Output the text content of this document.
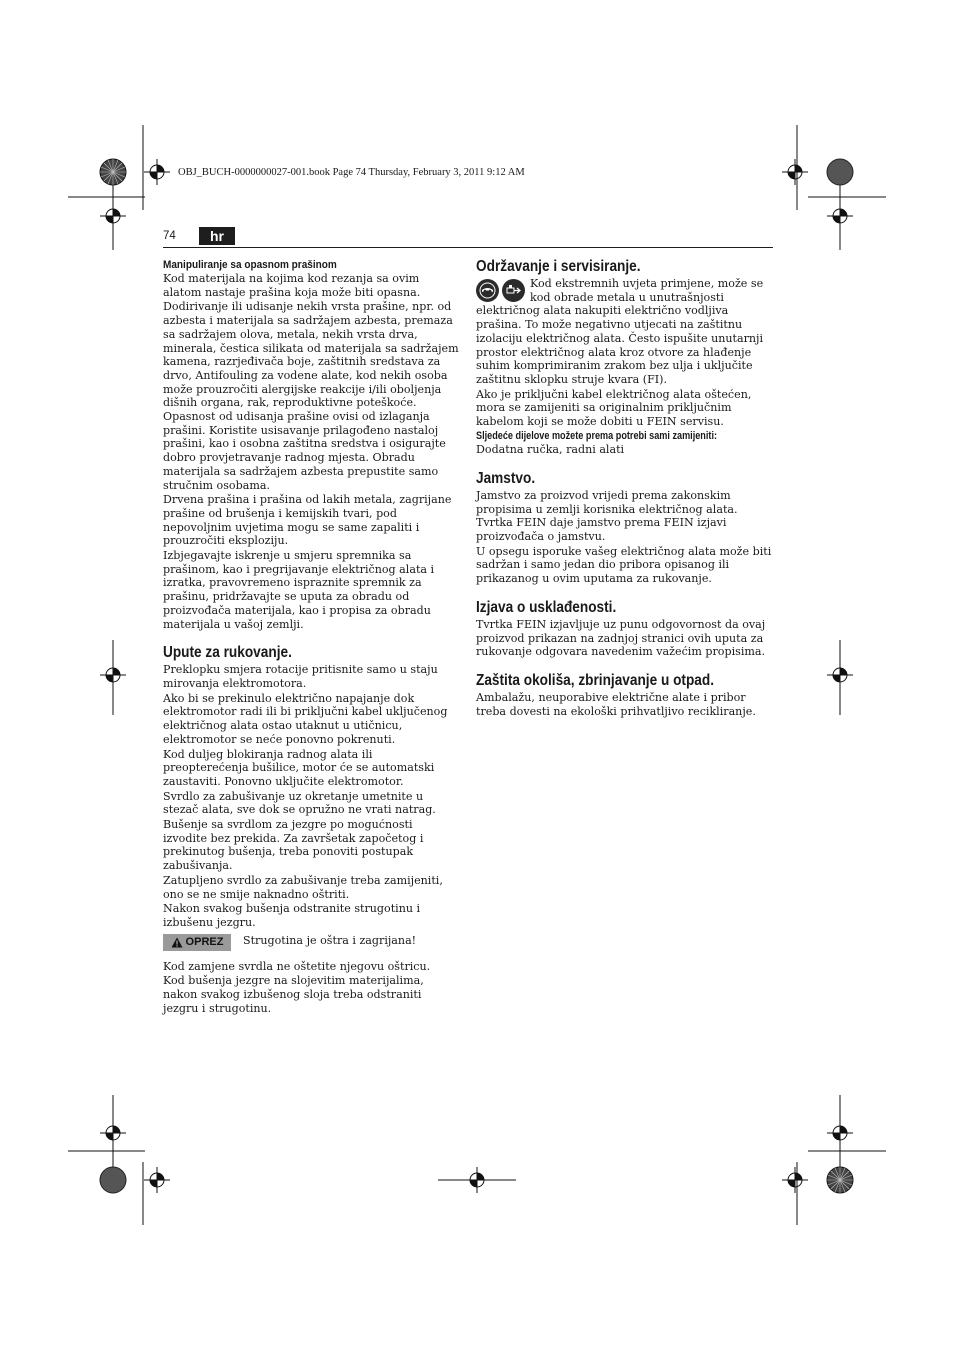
OBJ_BUCH-0000000027-001.book Page 74 Thursday, February 3, 2011 9:12 AM
74	hr
Manipuliranje sa opasnom prašinom

Kod materijala na kojima kod rezanja sa ovim alatom nastaje prašina koja može biti opasna.

Dodirivanje ili udisanje nekih vrsta prašine, npr. od azbesta i materijala sa sadržajem azbesta, premaza sa sadržajem olova, metala, nekih vrsta drva, minerala, čestica silikata od materijala sa sadržajem kamena, razrjeđivača boje, zaštitnih sredstava za drvo, Antifouling za vodene alate, kod nekih osoba može prouzročiti alergijske reakcije i/ili oboljenja dišnih organa, rak, reproduktivne poteškoće. Opasnost od udisanja prašine ovisi od izlaganja prašini. Koristite usisavanje prilagođeno nastaloj prašini, kao i osobna zaštitna sredstva i osigurajte dobro provjetravanje radnog mjesta. Obradu materijala sa sadržajem azbesta prepustite samo stručnim osobama.

Drvena prašina i prašina od lakih metala, zagrijane prašine od brušenja i kemijskih tvari, pod nepovoljnim uvjetima mogu se same zapaliti i prouzročiti eksploziju.

Izbjegavajte iskrenje u smjeru spremnika sa prašinom, kao i pregrijavanje električnog alata i izratka, pravovremeno ispraznite spremnik za prašinu, pridržavajte se uputa za obradu od proizvođača materijala, kao i propisa za obradu materijala u vašoj zemlji.

Upute za rukovanje.

Preklopku smjera rotacije pritisnite samo u staju mirovanja elektromotora.

Ako bi se prekinulo električno napajanje dok elektromotor radi ili bi priključni kabel uključenog električnog alata ostao utaknut u utičnicu, elektromotor se neće ponovno pokrenuti.

Kod duljeg blokiranja radnog alata ili preopterećenja bušilice, motor će se automatski zaustaviti. Ponovno uključite elektromotor.

Svrdlo za zabušivanje uz okretanje umetnite u stezač alata, sve dok se opružno ne vrati natrag.

Bušenje sa svrdlom za jezgre po mogućnosti izvodite bez prekida. Za završetak započetog i prekinutog bušenja, treba ponoviti postupak zabušivanja.

Zatupljeno svrdlo za zabušivanje treba zamijeniti, ono se ne smije naknadno oštriti.

Nakon svakog bušenja odstranite strugotinu i izbušenu jezgru.

OPREZ Strugotina je oštra i zagrijana!

Kod zamjene svrdla ne oštetite njegovu oštricu.

Kod bušenja jezgre na slojevitim materijalima, nakon svakog izbušenog sloja treba odstraniti jezgru i strugotinu.

Održavanje i servisiranje.

Kod ekstremnih uvjeta primjene, može se kod obrade metala u unutrašnjosti električnog alata nakupiti električno vodljiva prašina. To može negativno utjecati na zaštitnu izolaciju električnog alata. Često ispušite unutarnji prostor električnog alata kroz otvore za hlađenje suhim komprimiranim zrakom bez ulja i uključite zaštitnu sklopku struje kvara (FI).

Ako je priključni kabel električnog alata oštećen, mora se zamijeniti sa originalnim priključnim kabelom koji se može dobiti u FEIN servisu.

Sljedeće dijelove možete prema potrebi sami zamijeniti:

Dodatna ručka, radni alati

Jamstvo.

Jamstvo za proizvod vrijedi prema zakonskim propisima u zemlji korisnika električnog alata. Tvrtka FEIN daje jamstvo prema FEIN izjavi proizvođača o jamstvu.

U opsegu isporuke vašeg električnog alata može biti sadržan i samo jedan dio pribora opisanog ili prikazanog u ovim uputama za rukovanje.

Izjava o usklađenosti.

Tvrtka FEIN izjavljuje uz punu odgovornost da ovaj proizvod prikazan na zadnjoj stranici ovih uputa za rukovanje odgovara navedenim važećim propisima.

Zaštita okoliša, zbrinjavanje u otpad.

Ambalažu, neuporabive električne alate i pribor treba dovesti na ekološki prihvatljivo recikliranje.
